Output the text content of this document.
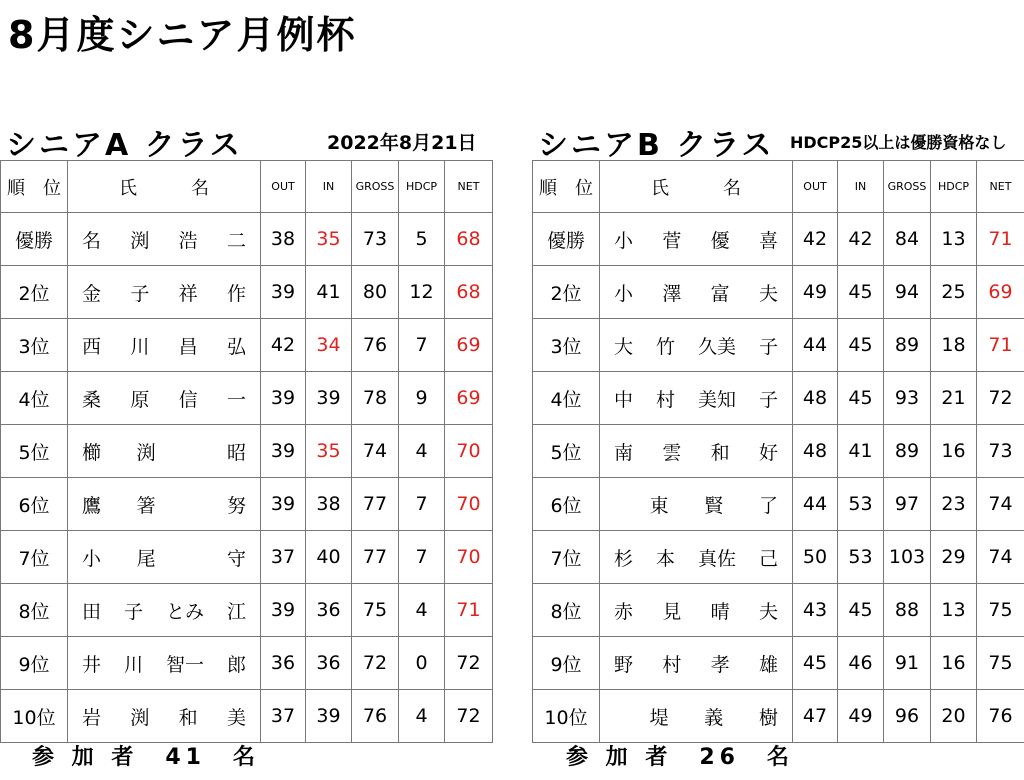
8月度シニア月例杯
シニアA クラス	2022年8月21日
順　位	氏　　　名	OUT	IN	GROSS	HDCP	NET
優勝	名 渕 浩 二	38	35	73	5	68
2位	金 子 祥 作	39	41	80	12	68
3位	西 川 昌 弘	42	34	76	7	69
4位	桑 原 信 一	39	39	78	9	69
5位	櫛 渕 昭	39	35	74	4	70
6位	鷹 箸 努	39	38	77	7	70
7位	小 尾 守	37	40	77	7	70
8位	田 子 とみ 江	39	36	75	4	71
9位	井 川 智一 郎	36	36	72	0	72
10位	岩 渕 和 美	37	39	76	4	72
参 加 者　41　名
シニアB クラス HDCP25以上は優勝資格なし
順　位	氏　　　名	OUT	IN	GROSS	HDCP	NET
優勝	小 菅 優 喜	42	42	84	13	71
2位	小 澤 富 夫	49	45	94	25	69
3位	大 竹 久美 子	44	45	89	18	71
4位	中 村 美知 子	48	45	93	21	72
5位	南 雲 和 好	48	41	89	16	73
6位	東 賢 了	44	53	97	23	74
7位	杉 本 真佐 己	50	53	103	29	74
8位	赤 見 晴 夫	43	45	88	13	75
9位	野 村 孝 雄	45	46	91	16	75
10位	堤 義 樹	47	49	96	20	76
参 加 者　26　名
